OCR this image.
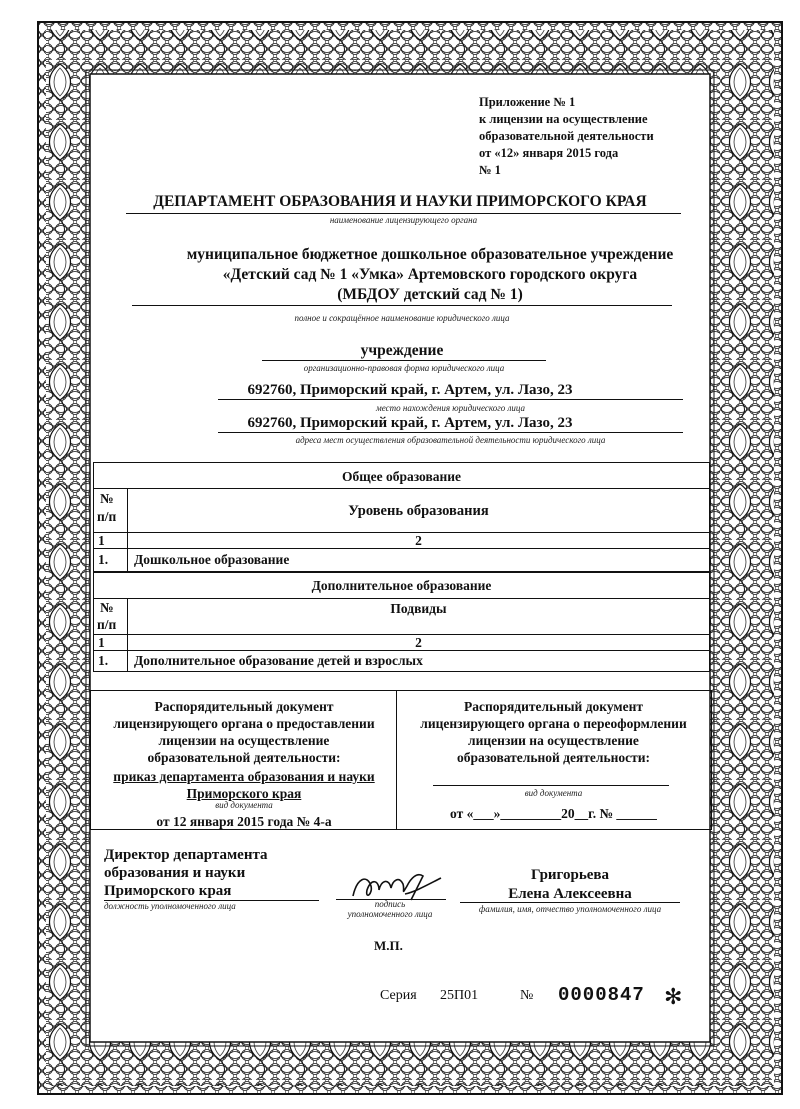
Приложение № 1
к лицензии на осуществление
образовательной деятельности
от «12» января 2015 года
№ 1
ДЕПАРТАМЕНТ ОБРАЗОВАНИЯ И НАУКИ ПРИМОРСКОГО КРАЯ
наименование лицензирующего органа
муниципальное бюджетное дошкольное образовательное учреждение
«Детский сад № 1 «Умка» Артемовского городского округа
(МБДОУ детский сад № 1)
полное и сокращённое наименование юридического лица
учреждение
организационно-правовая форма юридического лица
692760, Приморский край, г. Артем, ул. Лазо, 23
место нахождения юридического лица
692760, Приморский край, г. Артем, ул. Лазо, 23
адреса мест осуществления образовательной деятельности юридического лица
Общее образование
№
п/п	Уровень образования
1	2
1. Дошкольное образование
Дополнительное образование
№
п/п
Подвиды
1	2
1. Дополнительное образование детей и взрослых
Распорядительный документ
лицензирующего органа о предоставлении
лицензии на осуществление
образовательной деятельности:
приказ департамента образования и науки
Приморского края
вид документа
от 12 января 2015 года № 4-а
Распорядительный документ
лицензирующего органа о переоформлении
лицензии на осуществление
образовательной деятельности:
вид документа
от «___»_________20__г. № ______
Директор департамента
образования и науки
Приморского края
должность уполномоченного лица	подпись
уполномоченного лица
Григорьева
Елена Алексеевна
фамилия, имя, отчество уполномоченного лица
М.П.
Серия 25П01	№ 0000847 ✻
